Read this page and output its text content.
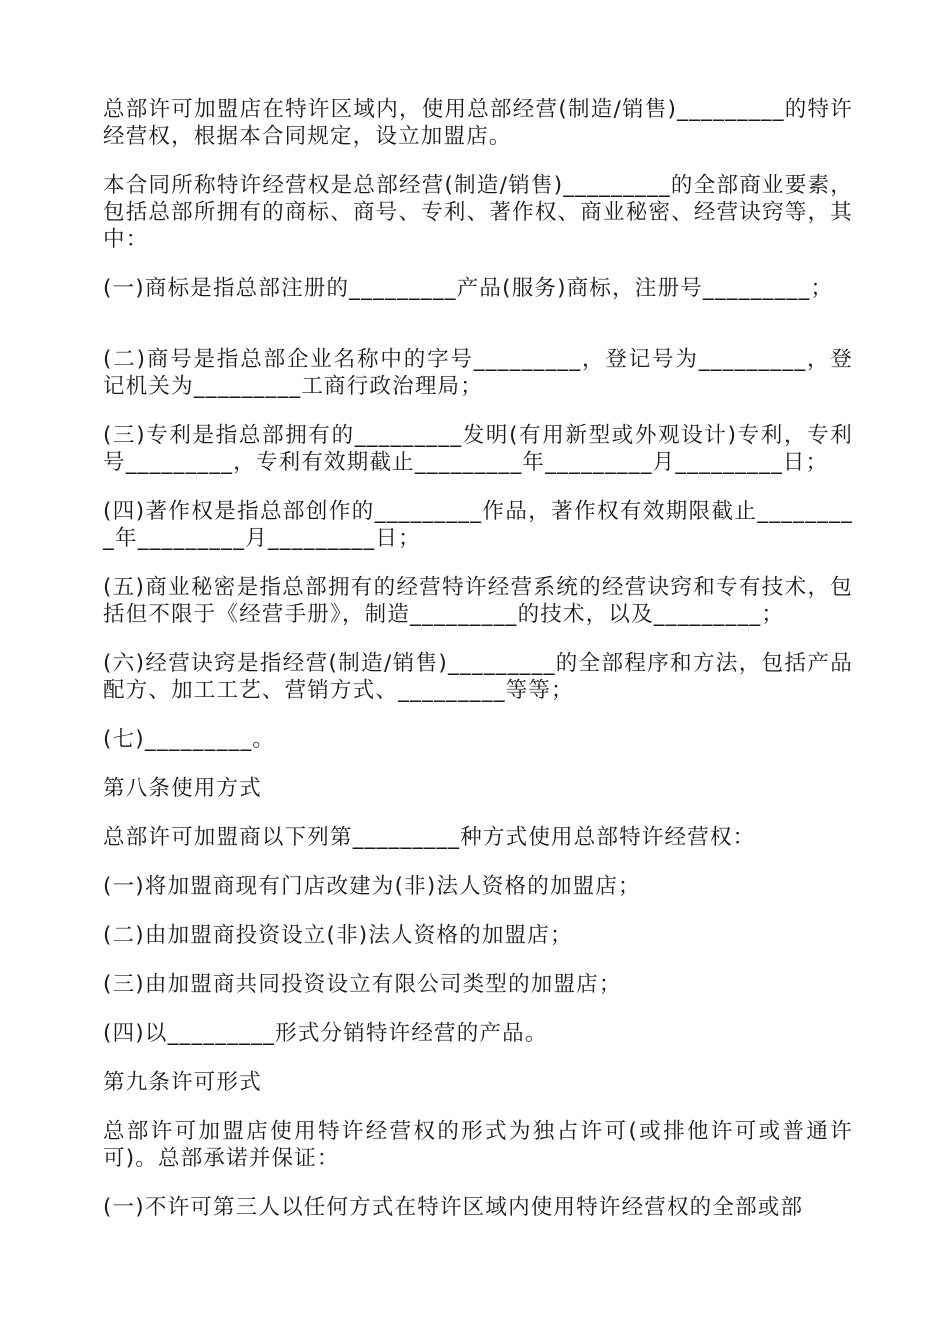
总部许可加盟店在特许区域内，使用总部经营(制造/销售)_________的特许经营权，根据本合同规定，设立加盟店。

本合同所称特许经营权是总部经营(制造/销售)_________的全部商业要素，包括总部所拥有的商标、商号、专利、著作权、商业秘密、经营诀窍等，其中：

(一)商标是指总部注册的_________产品(服务)商标，注册号_________；

(二)商号是指总部企业名称中的字号_________，登记号为_________，登记机关为_________工商行政治理局；

(三)专利是指总部拥有的_________发明(有用新型或外观设计)专利，专利号_________，专利有效期截止_________年_________月_________日；

(四)著作权是指总部创作的_________作品，著作权有效期限截止_________年_________月_________日；

(五)商业秘密是指总部拥有的经营特许经营系统的经营诀窍和专有技术，包括但不限于《经营手册》，制造_________的技术，以及_________；

(六)经营诀窍是指经营(制造/销售)_________的全部程序和方法，包括产品配方、加工工艺、营销方式、_________等等；

(七)_________。

第八条使用方式

总部许可加盟商以下列第_________种方式使用总部特许经营权：

(一)将加盟商现有门店改建为(非)法人资格的加盟店；

(二)由加盟商投资设立(非)法人资格的加盟店；

(三)由加盟商共同投资设立有限公司类型的加盟店；

(四)以_________形式分销特许经营的产品。

第九条许可形式

总部许可加盟店使用特许经营权的形式为独占许可(或排他许可或普通许可)。总部承诺并保证：

(一)不许可第三人以任何方式在特许区域内使用特许经营权的全部或部
